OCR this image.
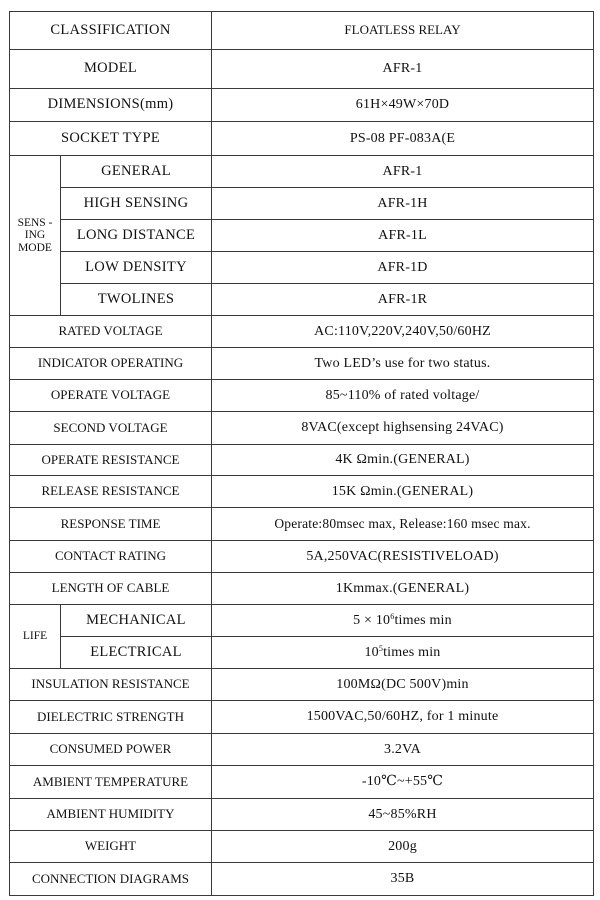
CLASSIFICATION		FLOATLESS RELAY
MODEL		AFR-1
DIMENSIONS(mm)		61H×49W×70D
SOCKET TYPE		PS-08 PF-083A(E
SENS -ING MODE	GENERAL	AFR-1
	HIGH SENSING	AFR-1H
	LONG DISTANCE	AFR-1L
	LOW DENSITY	AFR-1D
	TWOLINES	AFR-1R
RATED VOLTAGE		AC:110V,220V,240V,50/60HZ
INDICATOR OPERATING		Two LED’s use for two status.
OPERATE VOLTAGE		85~110% of rated voltage/
SECOND VOLTAGE		8VAC(except highsensing 24VAC)
OPERATE RESISTANCE		4K Ωmin.(GENERAL)
RELEASE RESISTANCE		15K Ωmin.(GENERAL)
RESPONSE TIME		Operate:80msec max, Release:160 msec max.
CONTACT RATING		5A,250VAC(RESISTIVELOAD)
LENGTH OF CABLE		1Kmmax.(GENERAL)
LIFE	MECHANICAL	$5 \times 10^6times$ min
	ELECTRICAL	$10^5times$ min
INSULATION RESISTANCE		100MΩ(DC 500V)min
DIELECTRIC STRENGTH		1500VAC,50/60HZ, for 1 minute
CONSUMED POWER		3.2VA
AMBIENT TEMPERATURE		-10℃~+55℃
AMBIENT HUMIDITY		45~85%RH
WEIGHT		200g
CONNECTION DIAGRAMS		35B
